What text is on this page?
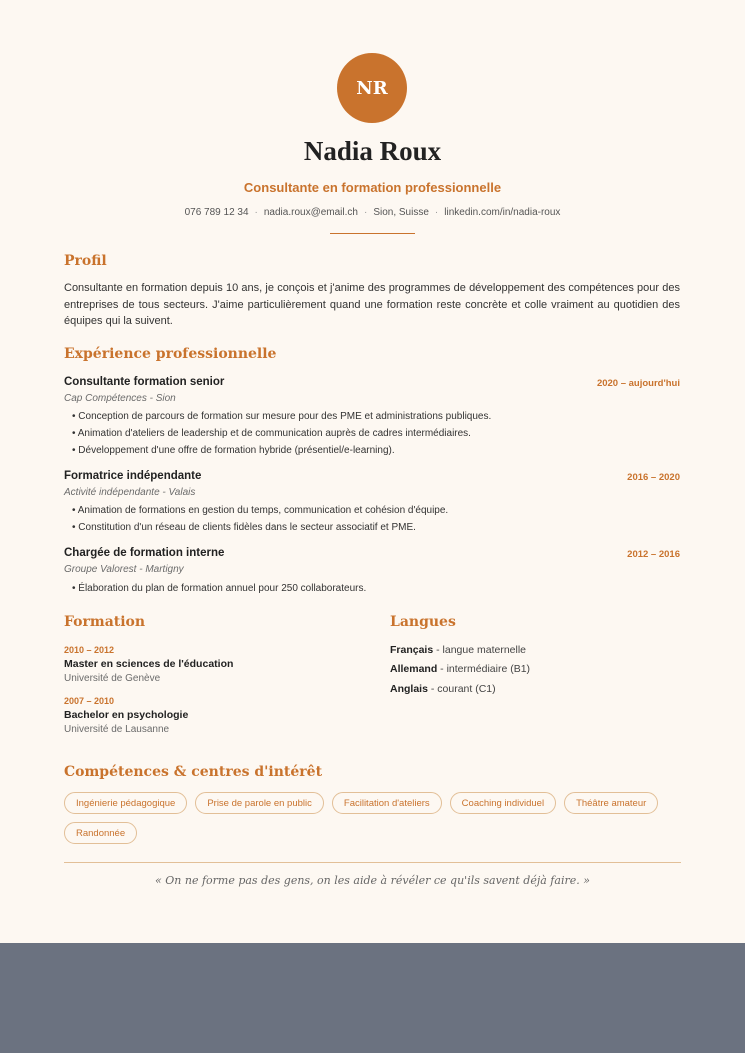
NR
Nadia Roux
Consultante en formation professionnelle
076 789 12 34 · nadia.roux@email.ch · Sion, Suisse · linkedin.com/in/nadia-roux
Profil
Consultante en formation depuis 10 ans, je conçois et j'anime des programmes de développement des compétences pour des entreprises de tous secteurs. J'aime particulièrement quand une formation reste concrète et colle vraiment au quotidien des équipes qui la suivent.
Expérience professionnelle
Consultante formation senior	2020 – aujourd'hui
Cap Compétences - Sion
• Conception de parcours de formation sur mesure pour des PME et administrations publiques.
• Animation d'ateliers de leadership et de communication auprès de cadres intermédiaires.
• Développement d'une offre de formation hybride (présentiel/e-learning).
Formatrice indépendante	2016 – 2020
Activité indépendante - Valais
• Animation de formations en gestion du temps, communication et cohésion d'équipe.
• Constitution d'un réseau de clients fidèles dans le secteur associatif et PME.
Chargée de formation interne	2012 – 2016
Groupe Valorest - Martigny
• Élaboration du plan de formation annuel pour 250 collaborateurs.
Formation
2010 – 2012
Master en sciences de l'éducation
Université de Genève
2007 – 2010
Bachelor en psychologie
Université de Lausanne
Langues
Français - langue maternelle
Allemand - intermédiaire (B1)
Anglais - courant (C1)
Compétences & centres d'intérêt
Ingénierie pédagogique	Prise de parole en public	Facilitation d'ateliers	Coaching individuel	Théâtre amateur
Randonnée
« On ne forme pas des gens, on les aide à révéler ce qu'ils savent déjà faire. »
